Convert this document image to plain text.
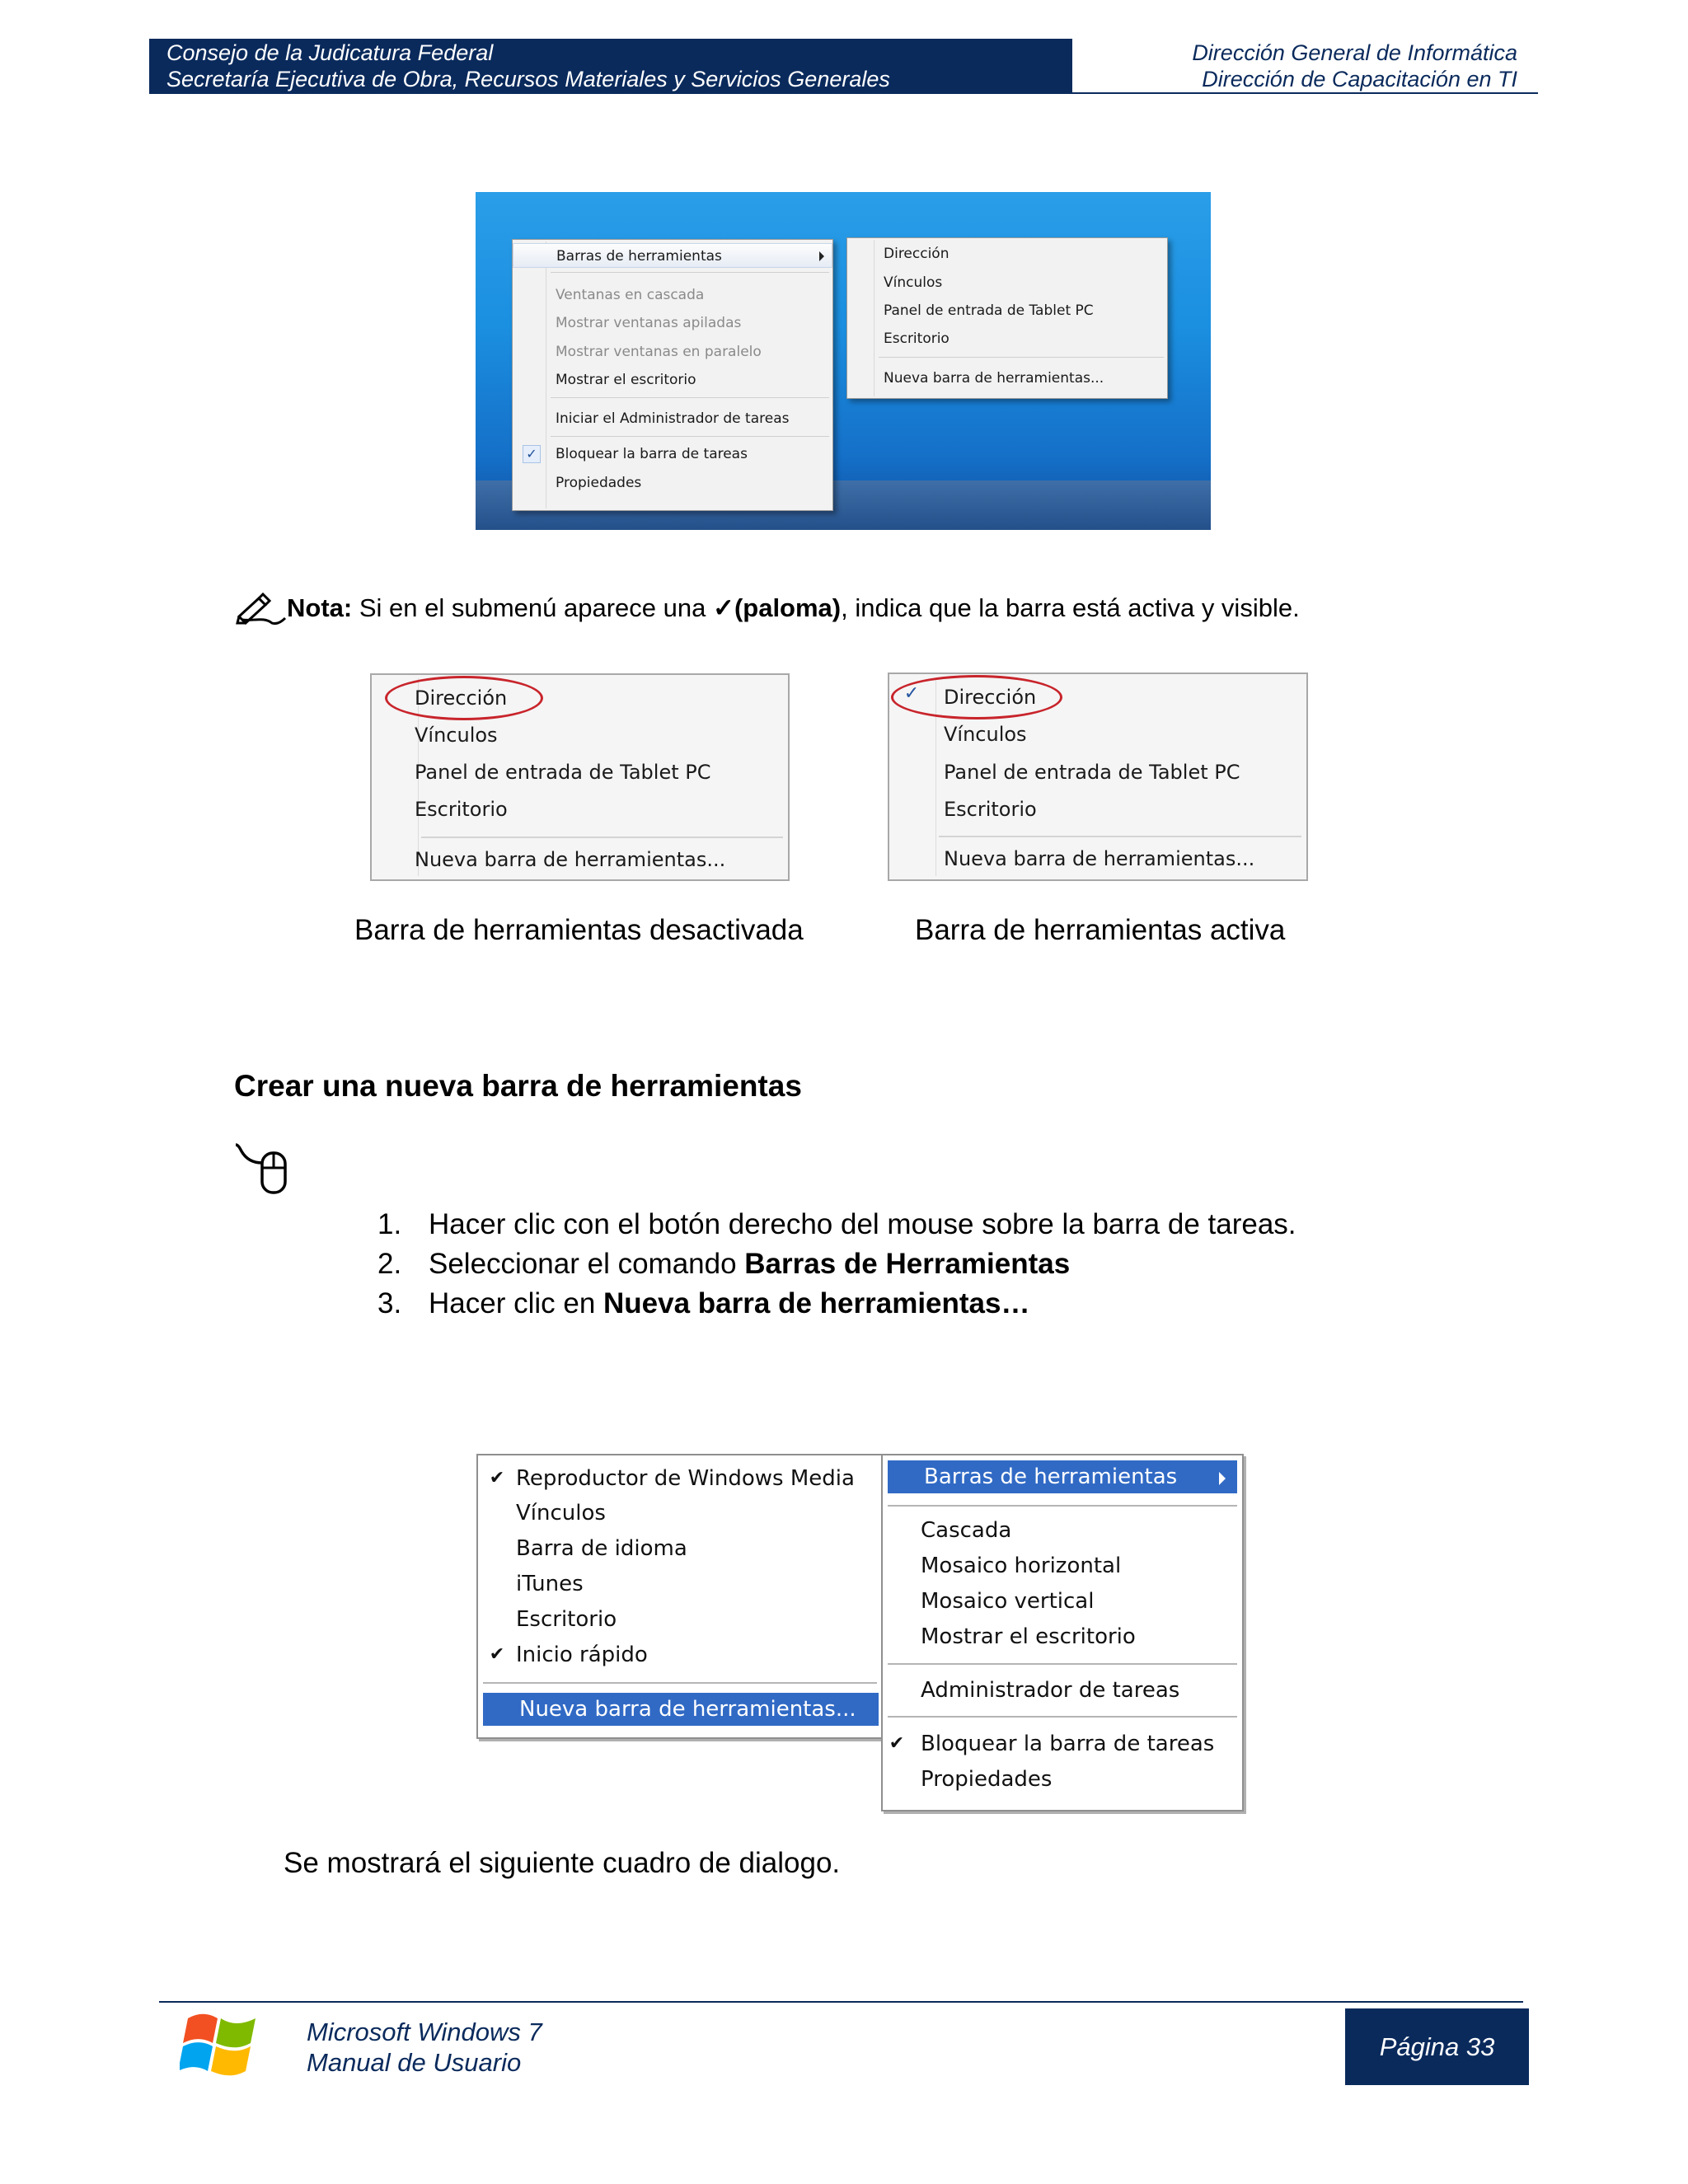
Consejo de la Judicatura Federal
Secretaría Ejecutiva de Obra, Recursos Materiales y Servicios Generales
Dirección General de Informática
Dirección de Capacitación en TI
Barras de herramientas
Ventanas en cascada
Mostrar ventanas apiladas
Mostrar ventanas en paralelo
Mostrar el escritorio
Iniciar el Administrador de tareas
✓	Bloquear la barra de tareas
Propiedades
Dirección
Vínculos
Panel de entrada de Tablet PC
Escritorio
Nueva barra de herramientas...
Nota: Si en el submenú aparece una ✓(paloma), indica que la barra está activa y visible.
Dirección
Vínculos
Panel de entrada de Tablet PC
Escritorio
Nueva barra de herramientas...
✓	Dirección
Vínculos
Panel de entrada de Tablet PC
Escritorio
Nueva barra de herramientas...
Barra de herramientas desactivada	Barra de herramientas activa
Crear una nueva barra de herramientas
1. Hacer clic con el botón derecho del mouse sobre la barra de tareas.
2. Seleccionar el comando Barras de Herramientas
3. Hacer clic en Nueva barra de herramientas…
✔ Reproductor de Windows Media
Vínculos
Barra de idioma
iTunes
Escritorio
✔ Inicio rápido
Nueva barra de herramientas...
Barras de herramientas
Cascada
Mosaico horizontal
Mosaico vertical
Mostrar el escritorio
Administrador de tareas
✔ Bloquear la barra de tareas
Propiedades
Se mostrará el siguiente cuadro de dialogo.
Microsoft Windows 7
Manual de Usuario
Página 33
